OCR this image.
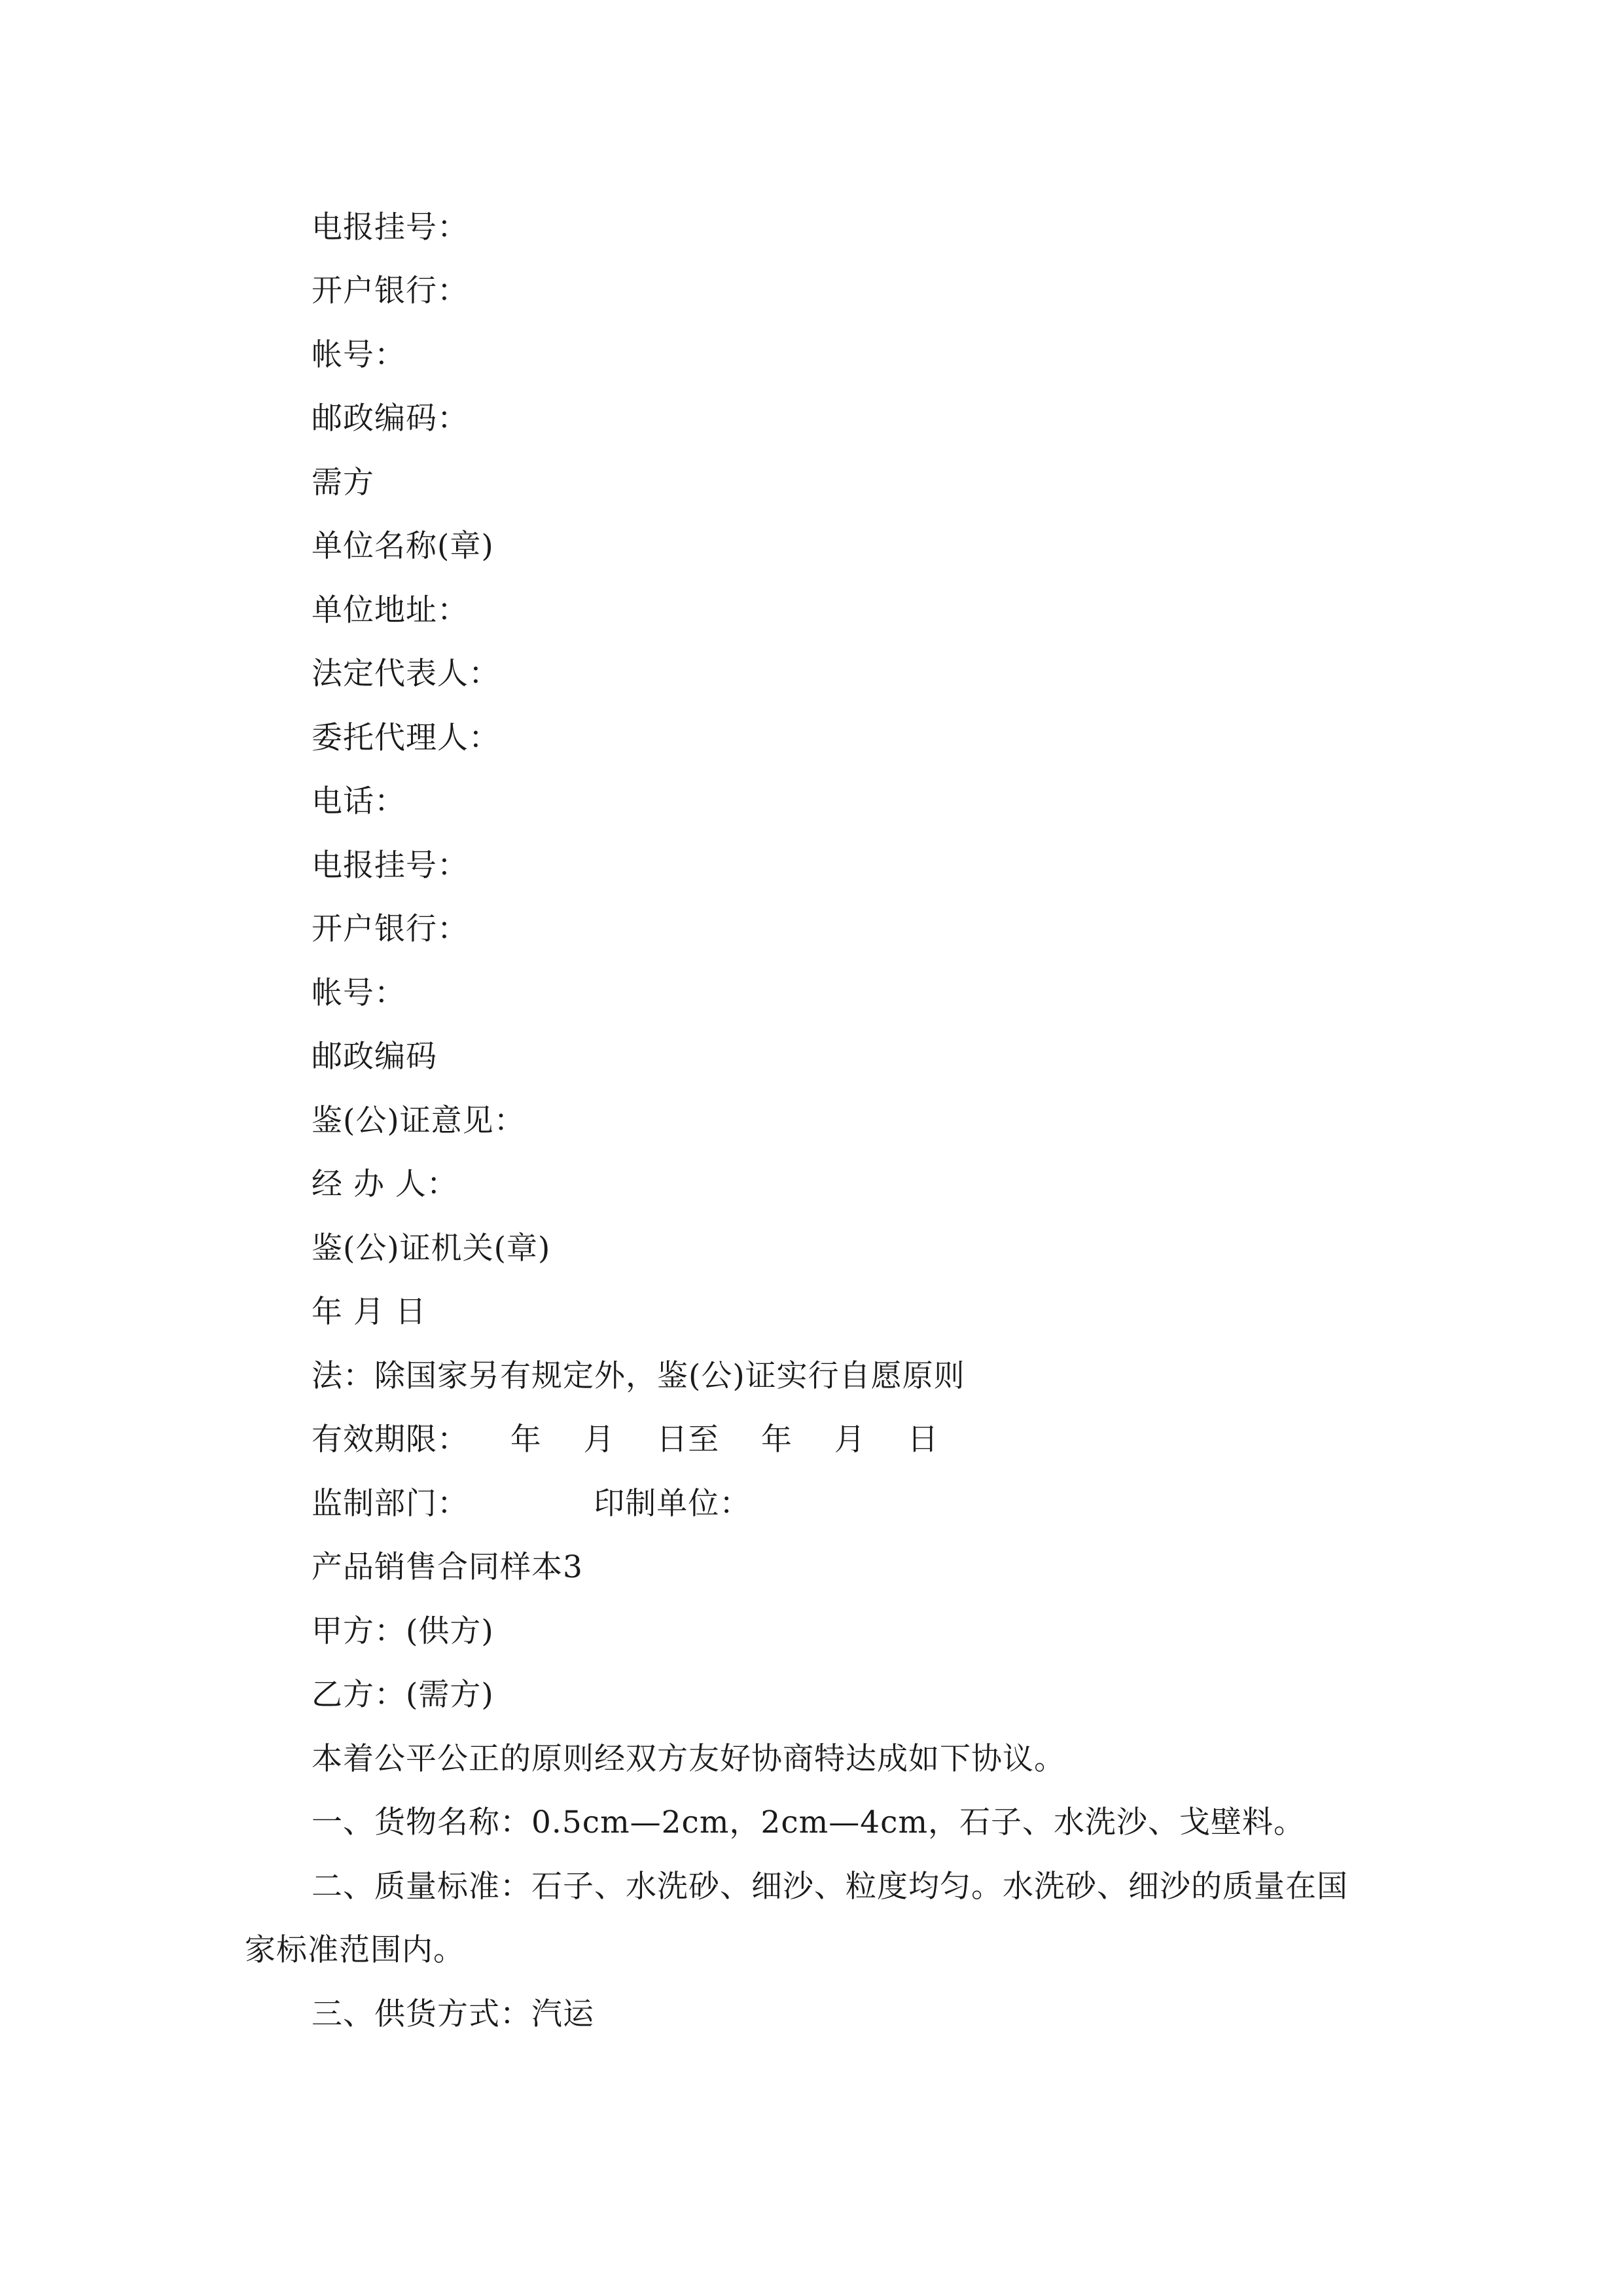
电报挂号：
开户银行：
帐号：
邮政编码：
需方
单位名称(章)
单位地址：
法定代表人：
委托代理人：
电话：
电报挂号：
开户银行：
帐号：
邮政编码
鉴(公)证意见：
经 办 人：
鉴(公)证机关(章)
年 月 日
法：除国家另有规定外，鉴(公)证实行自愿原则
有效期限：    年    月    日至    年    月    日
监制部门：            印制单位：
产品销售合同样本3
甲方：(供方)
乙方：(需方)
本着公平公正的原则经双方友好协商特达成如下协议。
一、货物名称：0.5cm—2cm，2cm—4cm，石子、水洗沙、戈壁料。
二、质量标准：石子、水洗砂、细沙、粒度均匀。水洗砂、细沙的质量在国
家标准范围内。
三、供货方式：汽运
